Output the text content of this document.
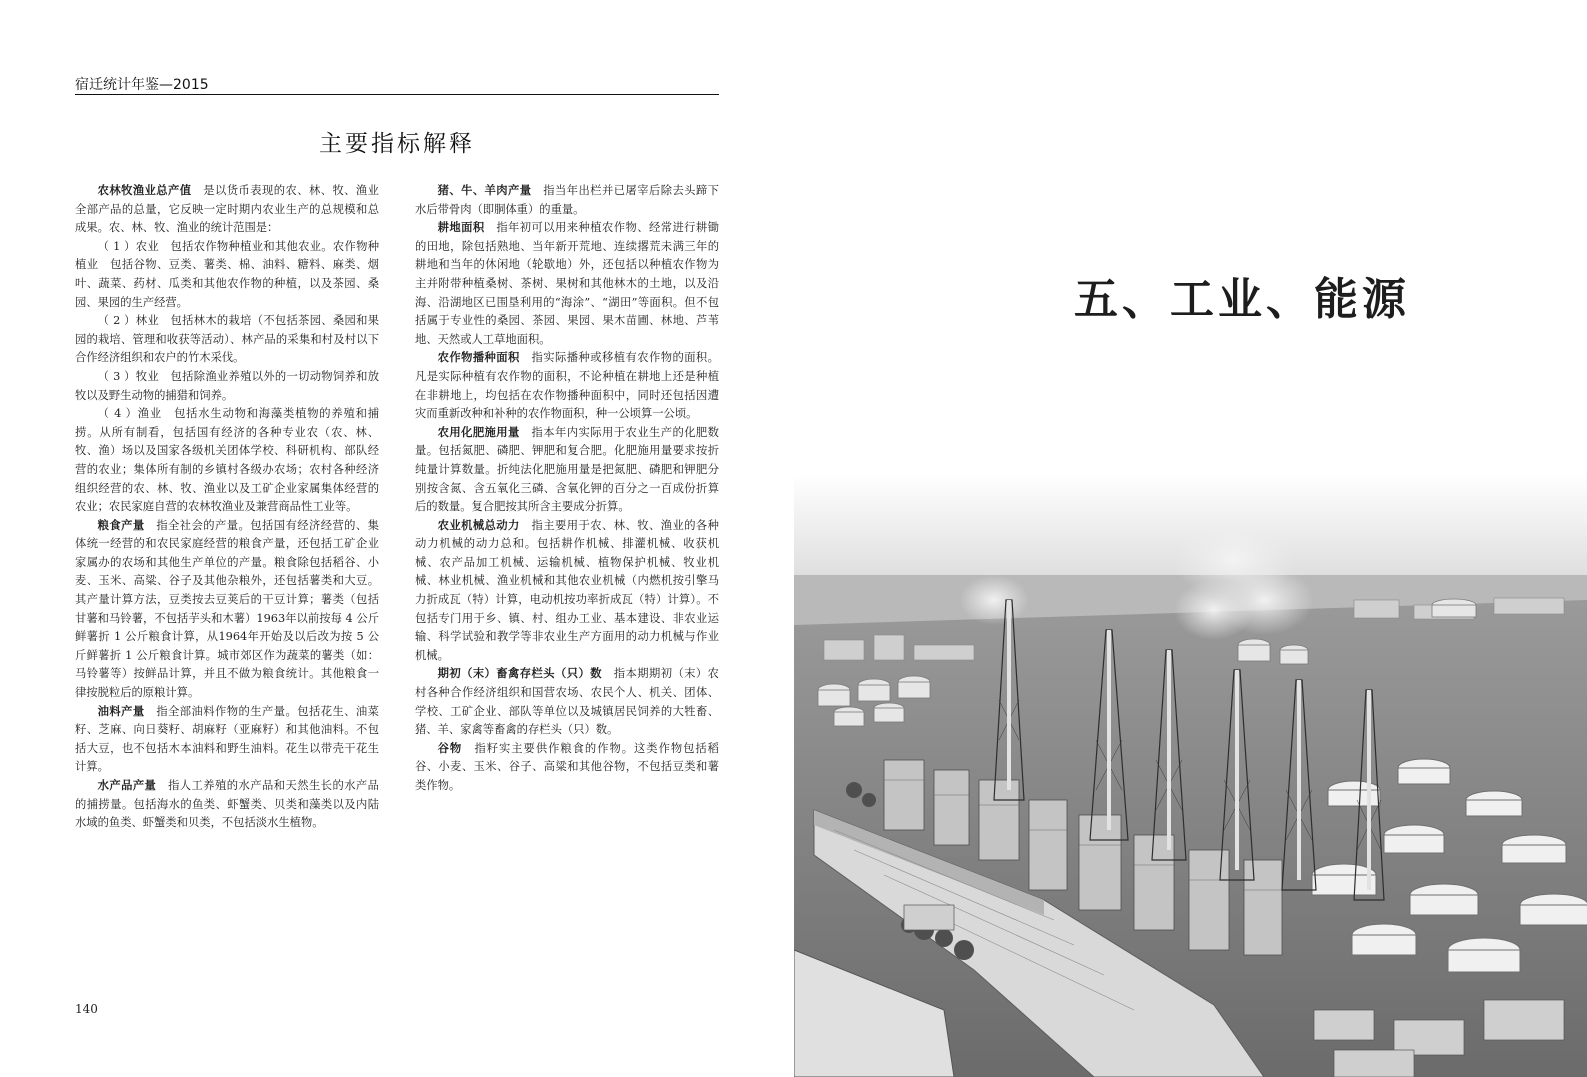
宿迁统计年鉴—2015
主要指标解释

农林牧渔业总产值　 是以货币表现的农、林、牧、渔业全部产品的总量，它反映一定时期内农业生产的总规模和总成果。农、林、牧、渔业的统计范围是：

（ 1 ）农业　包括农作物种植业和其他农业。农作物种植业　包括谷物、豆类、薯类、棉、油料、糖料、麻类、烟叶、蔬菜、药材、瓜类和其他农作物的种植，以及茶园、桑园、果园的生产经营。

（ 2 ）林业　包括林木的栽培（不包括茶园、桑园和果园的栽培、管理和收获等活动）、林产品的采集和村及村以下合作经济组织和农户的竹木采伐。

（ 3 ）牧业　包括除渔业养殖以外的一切动物饲养和放牧以及野生动物的捕猎和饲养。

（ 4 ）渔业　包括水生动物和海藻类植物的养殖和捕捞。从所有制看，包括国有经济的各种专业农（农、林、牧、渔）场以及国家各级机关团体学校、科研机构、部队经营的农业；集体所有制的乡镇村各级办农场；农村各种经济组织经营的农、林、牧、渔业以及工矿企业家属集体经营的农业；农民家庭自营的农林牧渔业及兼营商品性工业等。

粮食产量　 指全社会的产量。包括国有经济经营的、集体统一经营的和农民家庭经营的粮食产量，还包括工矿企业家属办的农场和其他生产单位的产量。粮食除包括稻谷、小麦、玉米、高粱、谷子及其他杂粮外，还包括薯类和大豆。其产量计算方法，豆类按去豆荚后的干豆计算；薯类（包括甘薯和马铃薯，不包括芋头和木薯）1963年以前按每 4 公斤鲜薯折 1 公斤粮食计算，从1964年开始及以后改为按 5 公斤鲜薯折 1 公斤粮食计算。城市郊区作为蔬菜的薯类（如：马铃薯等）按鲜品计算，并且不做为粮食统计。其他粮食一律按脱粒后的原粮计算。

油料产量　 指全部油料作物的生产量。包括花生、油菜籽、芝麻、向日葵籽、胡麻籽（亚麻籽）和其他油料。不包括大豆，也不包括木本油料和野生油料。花生以带壳干花生计算。

水产品产量　 指人工养殖的水产品和天然生长的水产品的捕捞量。包括海水的鱼类、虾蟹类、贝类和藻类以及内陆水域的鱼类、虾蟹类和贝类，不包括淡水生植物。

猪、牛、羊肉产量　 指当年出栏并已屠宰后除去头蹄下水后带骨肉（即胴体重）的重量。

耕地面积　 指年初可以用来种植农作物、经常进行耕锄的田地，除包括熟地、当年新开荒地、连续撂荒未满三年的耕地和当年的休闲地（轮歇地）外，还包括以种植农作物为主并附带种植桑树、茶树、果树和其他林木的土地，以及沿海、沿湖地区已围垦利用的“海涂”、“湖田”等面积。但不包括属于专业性的桑园、茶园、果园、果木苗圃、林地、芦苇地、天然或人工草地面积。

农作物播种面积　 指实际播种或移植有农作物的面积。凡是实际种植有农作物的面积，不论种植在耕地上还是种植在非耕地上，均包括在农作物播种面积中，同时还包括因遭灾而重新改种和补种的农作物面积，种一公顷算一公顷。

农用化肥施用量　 指本年内实际用于农业生产的化肥数量。包括氮肥、磷肥、钾肥和复合肥。化肥施用量要求按折纯量计算数量。折纯法化肥施用量是把氮肥、磷肥和钾肥分别按含氮、含五氧化三磷、含氧化钾的百分之一百成份折算后的数量。复合肥按其所含主要成分折算。

农业机械总动力　 指主要用于农、林、牧、渔业的各种动力机械的动力总和。包括耕作机械、排灌机械、收获机械、农产品加工机械、运输机械、植物保护机械、牧业机械、林业机械、渔业机械和其他农业机械（内燃机按引擎马力折成瓦（特）计算，电动机按功率折成瓦（特）计算）。不包括专门用于乡、镇、村、组办工业、基本建设、非农业运输、科学试验和教学等非农业生产方面用的动力机械与作业机械。

期初（末）畜禽存栏头（只）数　 指本期期初（末）农村各种合作经济组织和国营农场、农民个人、机关、团体、学校、工矿企业、部队等单位以及城镇居民饲养的大牲畜、猪、羊、家禽等畜禽的存栏头（只）数。

谷物　 指籽实主要供作粮食的作物。这类作物包括稻谷、小麦、玉米、谷子、高粱和其他谷物，不包括豆类和薯类作物。

140
五、工业、能源
